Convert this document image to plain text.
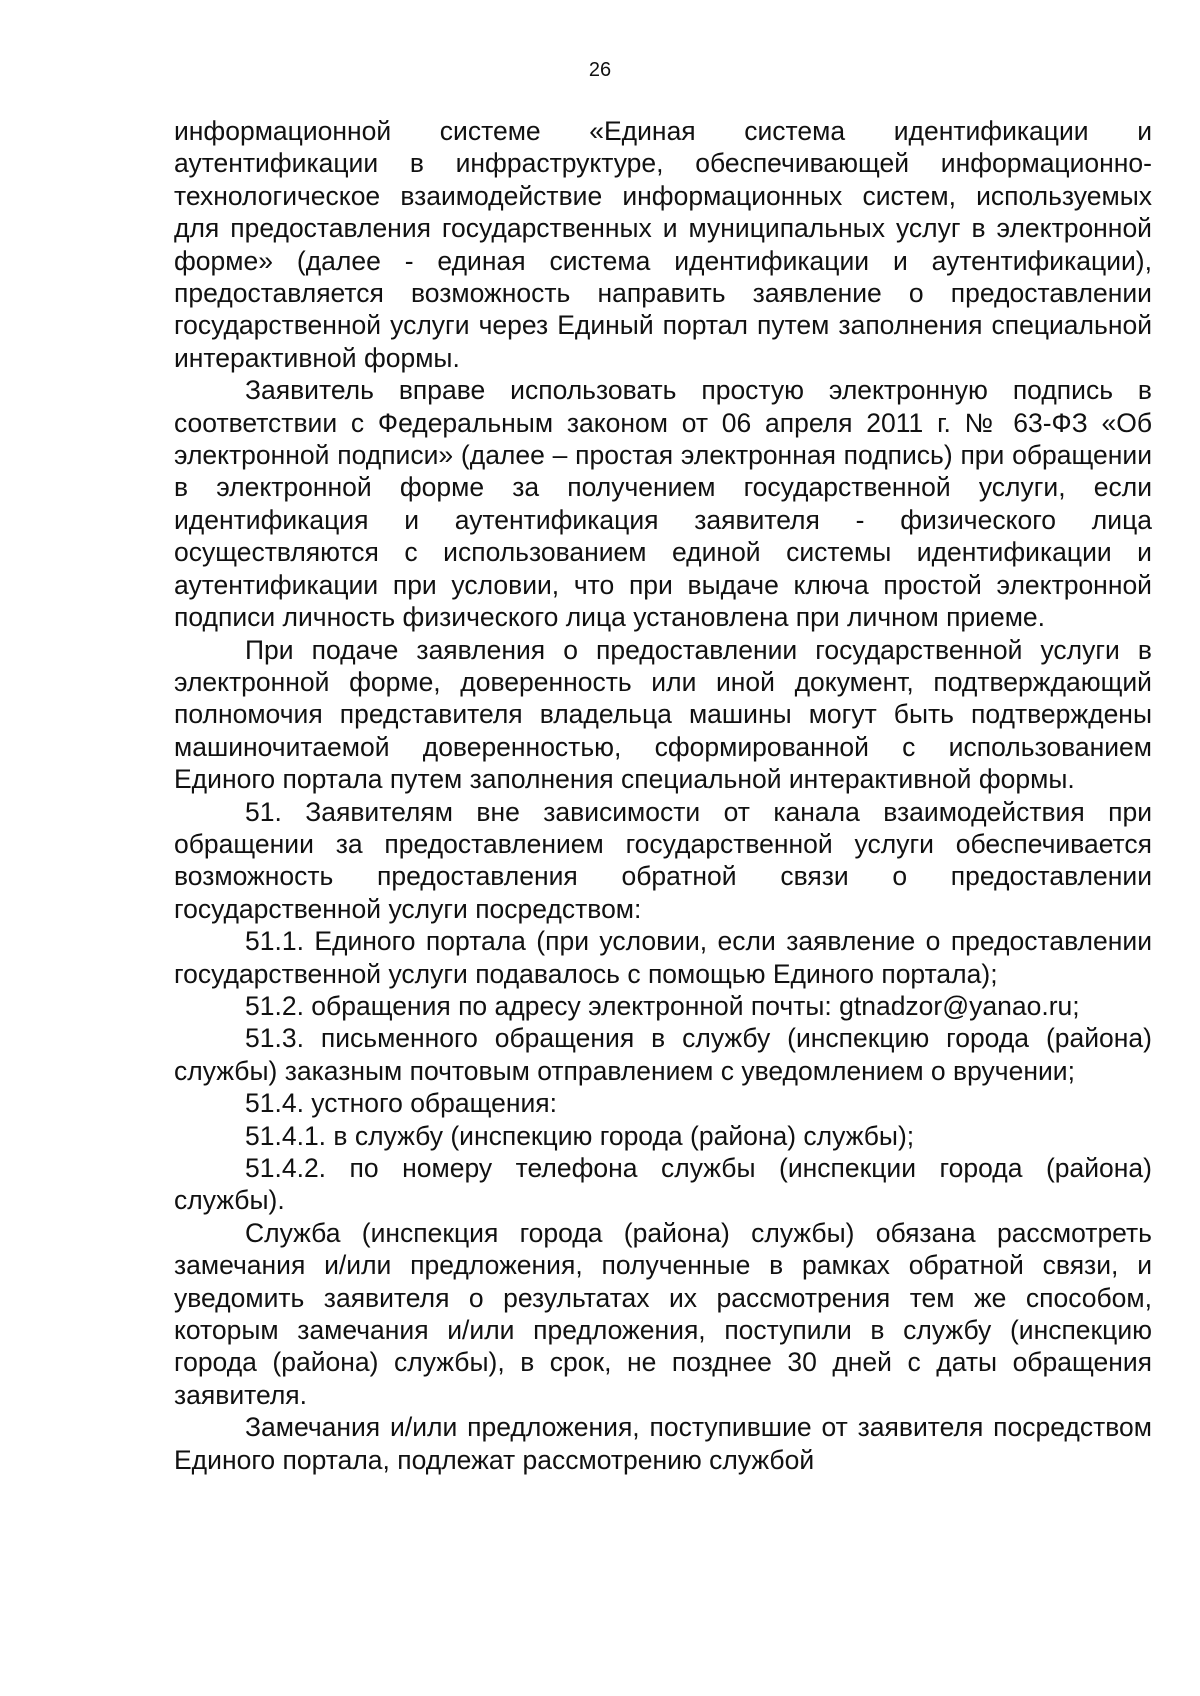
26

информационной системе «Единая система идентификации и аутентификации в инфраструктуре, обеспечивающей информационно-технологическое взаимодействие информационных систем, используемых для предоставления государственных и муниципальных услуг в электронной форме» (далее - единая система идентификации и аутентификации), предоставляется возможность направить заявление о предоставлении государственной услуги через Единый портал путем заполнения специальной интерактивной формы.

Заявитель вправе использовать простую электронную подпись в соответствии с Федеральным законом от 06 апреля 2011 г. № 63-ФЗ «Об электронной подписи» (далее – простая электронная подпись) при обращении в электронной форме за получением государственной услуги, если идентификация и аутентификация заявителя - физического лица осуществляются с использованием единой системы идентификации и аутентификации при условии, что при выдаче ключа простой электронной подписи личность физического лица установлена при личном приеме.

При подаче заявления о предоставлении государственной услуги в электронной форме, доверенность или иной документ, подтверждающий полномочия представителя владельца машины могут быть подтверждены машиночитаемой доверенностью, сформированной с использованием Единого портала путем заполнения специальной интерактивной формы.

51. Заявителям вне зависимости от канала взаимодействия при обращении за предоставлением государственной услуги обеспечивается возможность предоставления обратной связи о предоставлении государственной услуги посредством:

51.1. Единого портала (при условии, если заявление о предоставлении государственной услуги подавалось с помощью Единого портала);

51.2. обращения по адресу электронной почты: gtnadzor@yanao.ru;

51.3. письменного обращения в службу (инспекцию города (района) службы) заказным почтовым отправлением с уведомлением о вручении;

51.4. устного обращения:

51.4.1. в службу (инспекцию города (района) службы);

51.4.2. по номеру телефона службы (инспекции города (района) службы).

Служба (инспекция города (района) службы) обязана рассмотреть замечания и/или предложения, полученные в рамках обратной связи, и уведомить заявителя о результатах их рассмотрения тем же способом, которым замечания и/или предложения, поступили в службу (инспекцию города (района) службы), в срок, не позднее 30 дней с даты обращения заявителя.

Замечания и/или предложения, поступившие от заявителя посредством Единого портала, подлежат рассмотрению службой
